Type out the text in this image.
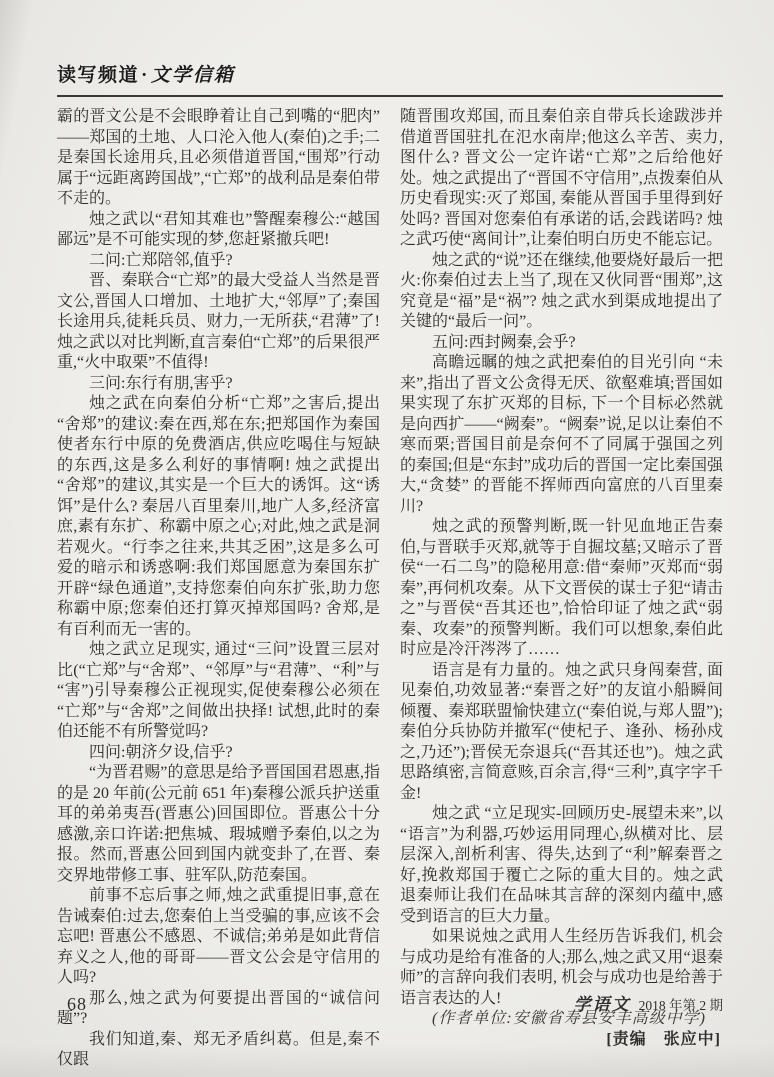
读写频道 · 文学信箱

霸的晋文公是不会眼睁着让自己到嘴的“肥肉”——郑国的土地、人口沦入他人(秦伯)之手;二是秦国长途用兵,且必须借道晋国,“围郑”行动属于“远距离跨国战”,“亡郑”的战利品是秦伯带不走的。

烛之武以“君知其难也”警醒秦穆公:“越国鄙远”是不可能实现的梦,您赶紧撤兵吧!

二问:亡郑陪邻,值乎?

晋、秦联合“亡郑”的最大受益人当然是晋文公,晋国人口增加、土地扩大,“邻厚”了;秦国长途用兵,徒耗兵员、财力,一无所获,“君薄”了! 烛之武以对比判断,直言秦伯“亡郑”的后果很严重,“火中取栗”不值得!

三问:东行有朋,害乎?

烛之武在向秦伯分析“亡郑”之害后,提出“舍郑”的建议:秦在西,郑在东;把郑国作为秦国使者东行中原的免费酒店,供应吃喝住与短缺的东西,这是多么利好的事情啊! 烛之武提出“舍郑”的建议,其实是一个巨大的诱饵。这“诱饵”是什么? 秦居八百里秦川,地广人多,经济富庶,素有东扩、称霸中原之心;对此,烛之武是洞若观火。“行李之往来,共其乏困”,这是多么可爱的暗示和诱惑啊:我们郑国愿意为秦国东扩开辟“绿色通道”,支持您秦伯向东扩张,助力您称霸中原;您秦伯还打算灭掉郑国吗? 舍郑,是有百利而无一害的。

烛之武立足现实, 通过“三问”设置三层对比(“亡郑”与“舍郑”、“邻厚”与“君薄”、“利”与“害”)引导秦穆公正视现实,促使秦穆公必须在“亡郑”与“舍郑”之间做出抉择! 试想,此时的秦伯还能不有所警觉吗?

四问:朝济夕设,信乎?

“为晋君赐”的意思是给予晋国国君恩惠,指的是 20 年前(公元前 651 年)秦穆公派兵护送重耳的弟弟夷吾(晋惠公)回国即位。晋惠公十分感激,亲口许诺:把焦城、瑕城赠予秦伯,以之为报。然而,晋惠公回到国内就变卦了,在晋、秦交界地带修工事、驻军队,防范秦国。

前事不忘后事之师,烛之武重提旧事,意在告诫秦伯:过去,您秦伯上当受骗的事,应该不会忘吧! 晋惠公不感恩、不诚信;弟弟是如此背信弃义之人,他的哥哥——晋文公会是守信用的人吗?

那么,烛之武为何要提出晋国的“诚信问题”?

我们知道,秦、郑无矛盾纠葛。但是,秦不仅跟

随晋围攻郑国, 而且秦伯亲自带兵长途跋涉并借道晋国驻扎在氾水南岸;他这么辛苦、卖力,图什么? 晋文公一定许诺“亡郑”之后给他好处。烛之武提出了“晋国不守信用”,点拨秦伯从历史看现实:灭了郑国, 秦能从晋国手里得到好处吗? 晋国对您秦伯有承诺的话,会践诺吗? 烛之武巧使“离间计”,让秦伯明白历史不能忘记。

烛之武的“说”还在继续,他要烧好最后一把火:你秦伯过去上当了,现在又伙同晋“围郑”,这究竟是“福”是“祸”? 烛之武水到渠成地提出了关键的“最后一问”。

五问:西封阙秦,会乎?

高瞻远瞩的烛之武把秦伯的目光引向 “未来”,指出了晋文公贪得无厌、欲壑难填;晋国如果实现了东扩灭郑的目标, 下一个目标必然就是向西扩——“阙秦”。“阙秦”说,足以让秦伯不寒而栗;晋国目前是奈何不了同属于强国之列的秦国;但是“东封”成功后的晋国一定比秦国强大,“贪婪” 的晋能不挥师西向富庶的八百里秦川?

烛之武的预警判断,既一针见血地正告秦伯,与晋联手灭郑,就等于自掘坟墓;又暗示了晋侯“一石二鸟”的隐秘用意:借“秦师”灭郑而“弱秦”,再伺机攻秦。从下文晋侯的谋士子犯“请击之”与晋侯“吾其还也”,恰恰印证了烛之武“弱秦、攻秦”的预警判断。我们可以想象,秦伯此时应是冷汗涔涔了……

语言是有力量的。烛之武只身闯秦营, 面见秦伯,功效显著:“秦晋之好”的友谊小船瞬间倾覆、秦郑联盟愉快建立(“秦伯说,与郑人盟”);秦伯分兵协防并撤军(“使杞子、逢孙、杨孙戍之,乃还”);晋侯无奈退兵(“吾其还也”)。烛之武思路缜密,言简意赅,百余言,得“三利”,真字字千金!

烛之武 “立足现实-回顾历史-展望未来”,以“语言”为利器,巧妙运用同理心,纵横对比、层层深入,剖析利害、得失,达到了“利”解秦晋之好,挽救郑国于覆亡之际的重大目的。烛之武退秦师让我们在品味其言辞的深刻内蕴中,感受到语言的巨大力量。

如果说烛之武用人生经历告诉我们, 机会与成功是给有准备的人;那么,烛之武又用“退秦师”的言辞向我们表明, 机会与成功也是给善于语言表达的人!

(作者单位:安徽省寿县安丰高级中学)

[责编　张应中]

68	学语文 2018 年第 2 期
